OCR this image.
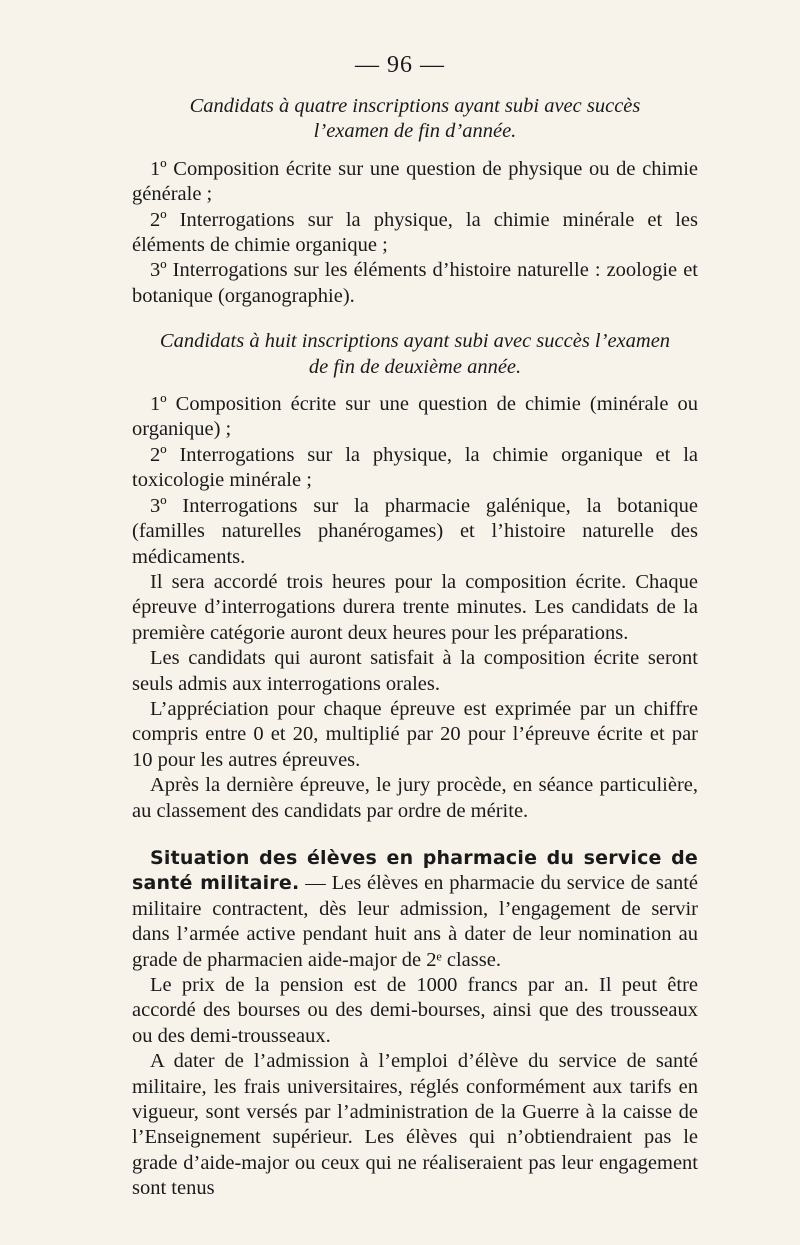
— 96 —
Candidats à quatre inscriptions ayant subi avec succès
l’examen de fin d’année.

1º Composition écrite sur une question de physique ou de chimie générale ;

2º Interrogations sur la physique, la chimie minérale et les éléments de chimie organique ;

3º Interrogations sur les éléments d’histoire naturelle : zoologie et botanique (organographie).

Candidats à huit inscriptions ayant subi avec succès l’examen
de fin de deuxième année.

1º Composition écrite sur une question de chimie (minérale ou organique) ;

2º Interrogations sur la physique, la chimie organique et la toxicologie minérale ;

3º Interrogations sur la pharmacie galénique, la botanique (familles naturelles phanérogames) et l’histoire naturelle des médicaments.

Il sera accordé trois heures pour la composition écrite. Chaque épreuve d’interrogations durera trente minutes. Les candidats de la première catégorie auront deux heures pour les préparations.

Les candidats qui auront satisfait à la composition écrite seront seuls admis aux interrogations orales.

L’appréciation pour chaque épreuve est exprimée par un chiffre compris entre 0 et 20, multiplié par 20 pour l’épreuve écrite et par 10 pour les autres épreuves.

Après la dernière épreuve, le jury procède, en séance particulière, au classement des candidats par ordre de mérite.

Situation des élèves en pharmacie du service de santé militaire. — Les élèves en pharmacie du service de santé militaire contractent, dès leur admission, l’engagement de servir dans l’armée active pendant huit ans à dater de leur nomination au grade de pharmacien aide-major de 2ᵉ classe.

Le prix de la pension est de 1000 francs par an. Il peut être accordé des bourses ou des demi-bourses, ainsi que des trousseaux ou des demi-trousseaux.

A dater de l’admission à l’emploi d’élève du service de santé militaire, les frais universitaires, réglés conformément aux tarifs en vigueur, sont versés par l’administration de la Guerre à la caisse de l’Enseignement supérieur. Les élèves qui n’obtiendraient pas le grade d’aide-major ou ceux qui ne réaliseraient pas leur engagement sont tenus
